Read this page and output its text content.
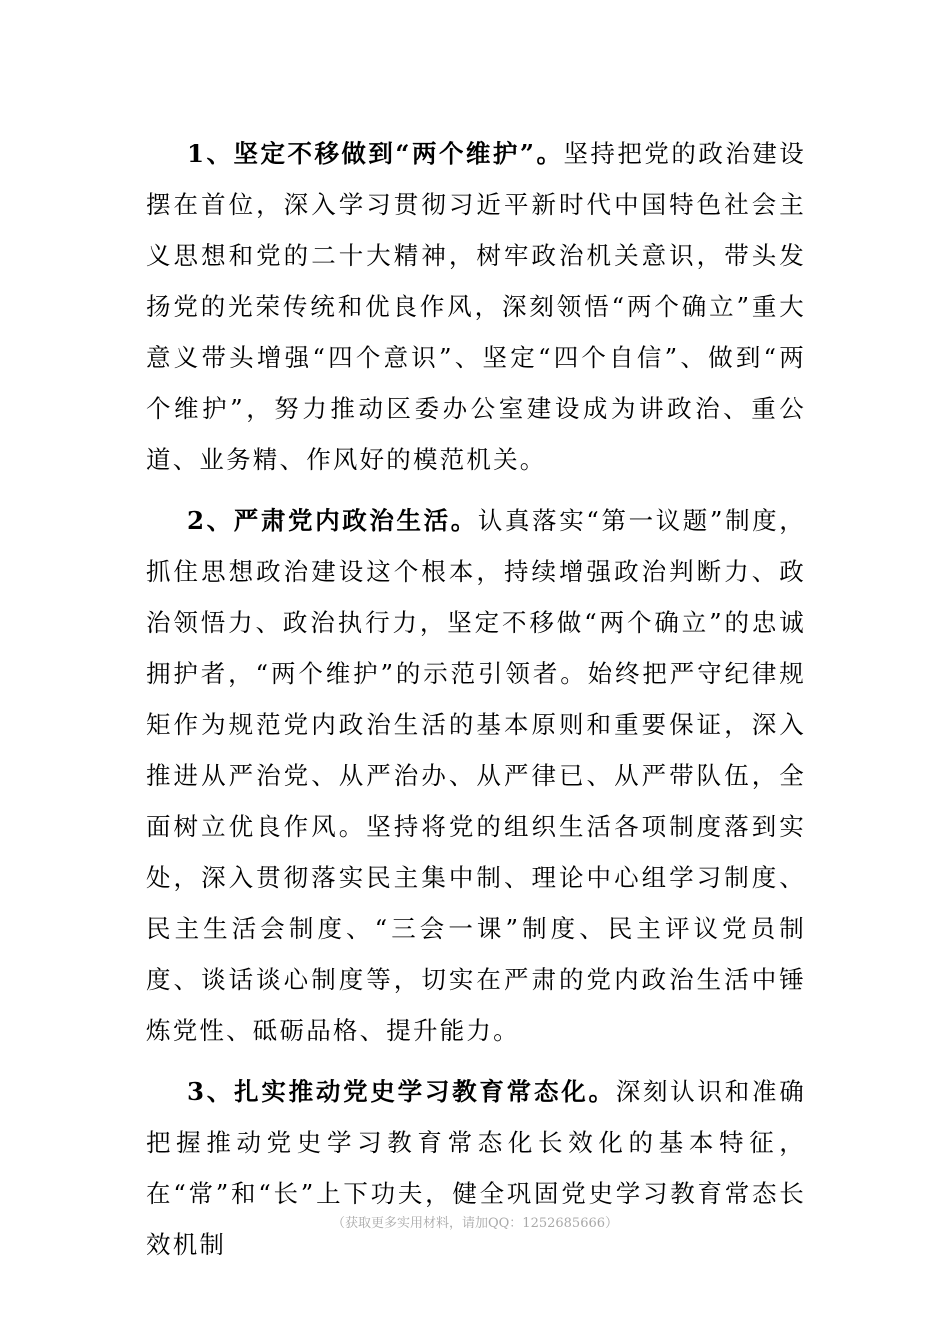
1、坚定不移做到“两个维护”。坚持把党的政治建设摆在首位，深入学习贯彻习近平新时代中国特色社会主义思想和党的二十大精神，树牢政治机关意识，带头发扬党的光荣传统和优良作风，深刻领悟“两个确立”重大意义带头增强“四个意识”、坚定“四个自信”、做到“两个维护”，努力推动区委办公室建设成为讲政治、重公道、业务精、作风好的模范机关。

2、严肃党内政治生活。认真落实“第一议题”制度，抓住思想政治建设这个根本，持续增强政治判断力、政治领悟力、政治执行力，坚定不移做“两个确立”的忠诚拥护者，“两个维护”的示范引领者。始终把严守纪律规矩作为规范党内政治生活的基本原则和重要保证，深入推进从严治党、从严治办、从严律已、从严带队伍，全面树立优良作风。坚持将党的组织生活各项制度落到实处，深入贯彻落实民主集中制、理论中心组学习制度、民主生活会制度、“三会一课”制度、民主评议党员制度、谈话谈心制度等，切实在严肃的党内政治生活中锤炼党性、砥砺品格、提升能力。

3、扎实推动党史学习教育常态化。深刻认识和准确把握推动党史学习教育常态化长效化的基本特征，在“常”和“长”上下功夫，健全巩固党史学习教育常态长效机制

（获取更多实用材料，请加QQ：1252685666）
